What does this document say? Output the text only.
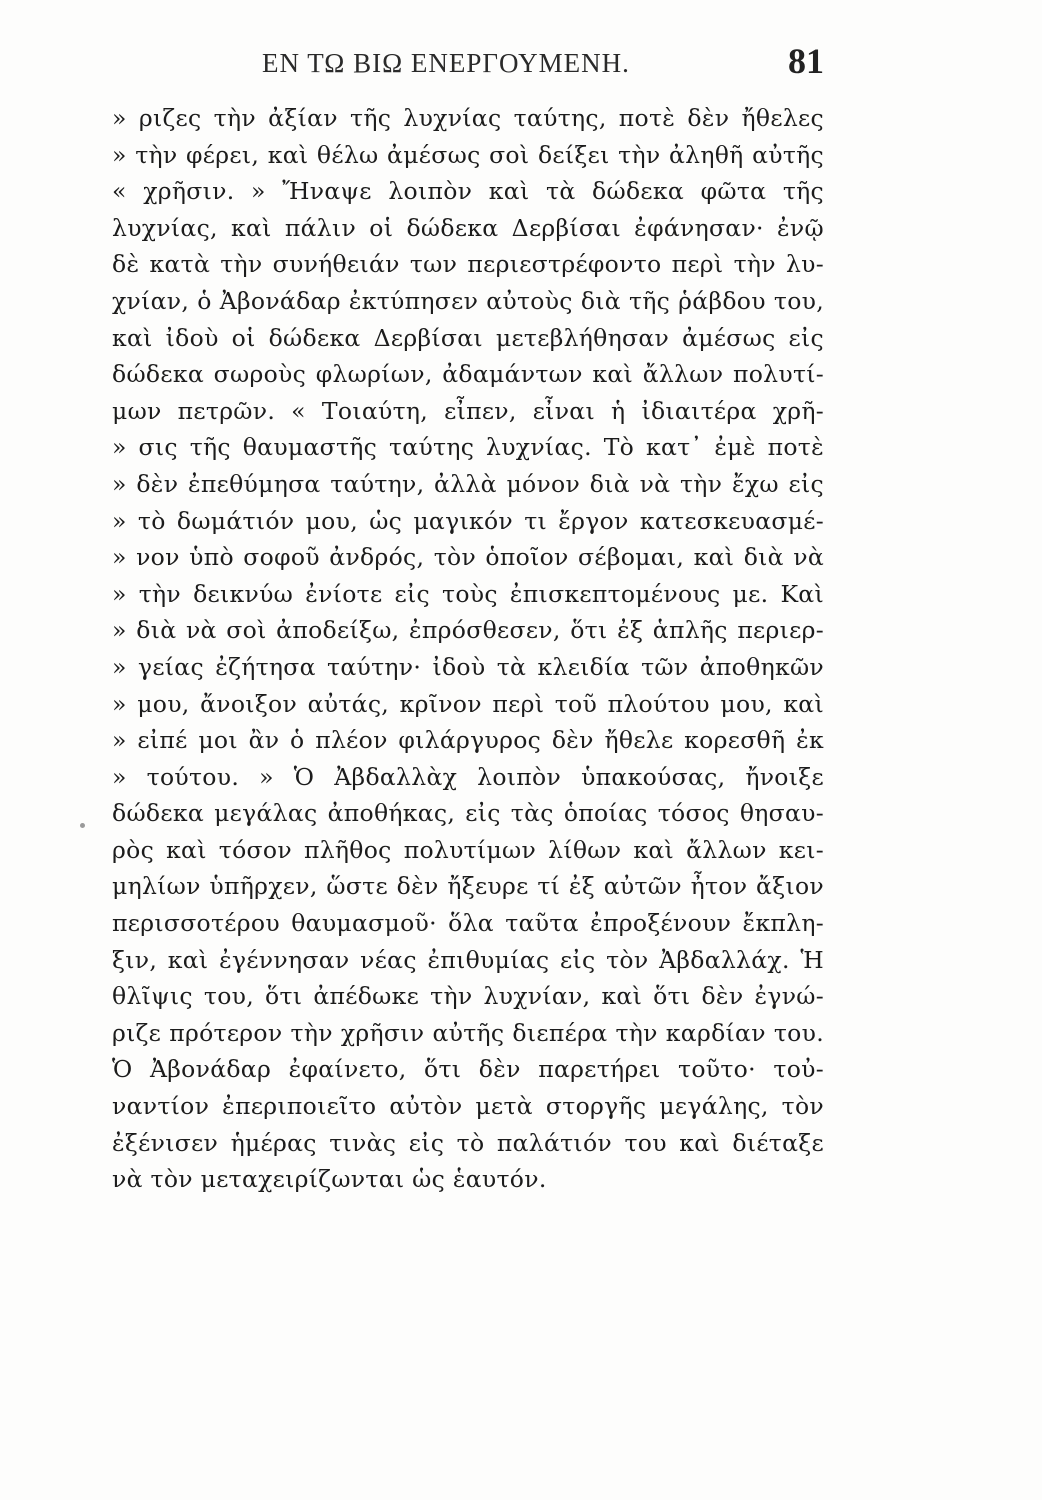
ΕΝ ΤΩ ΒΙΩ ΕΝΕΡΓΟΥΜΕΝΗ.	81
» ριζες τὴν ἀξίαν τῆς λυχνίας ταύτης, ποτὲ δὲν ἤθελες
» τὴν φέρει, καὶ θέλω ἀμέσως σοὶ δείξει τὴν ἀληθῆ αὐτῆς
« χρῆσιν. » Ἤναψε λοιπὸν καὶ τὰ δώδεκα φῶτα τῆς
λυχνίας, καὶ πάλιν οἱ δώδεκα Δερβίσαι ἐφάνησαν· ἐνῷ
δὲ κατὰ τὴν συνήθειάν των περιεστρέφοντο περὶ τὴν λυ-
χνίαν, ὁ Ἀβονάδαρ ἐκτύπησεν αὐτοὺς διὰ τῆς ῥάβδου του,
καὶ ἰδοὺ οἱ δώδεκα Δερβίσαι μετεβλήθησαν ἀμέσως εἰς
δώδεκα σωροὺς φλωρίων, ἀδαμάντων καὶ ἄλλων πολυτί-
μων πετρῶν. « Τοιαύτη, εἶπεν, εἶναι ἡ ἰδιαιτέρα χρῆ-
» σις τῆς θαυμαστῆς ταύτης λυχνίας. Τὸ κατ᾽ ἐμὲ ποτὲ
» δὲν ἐπεθύμησα ταύτην, ἀλλὰ μόνον διὰ νὰ τὴν ἔχω εἰς
» τὸ δωμάτιόν μου, ὡς μαγικόν τι ἔργον κατεσκευασμέ-
» νον ὑπὸ σοφοῦ ἀνδρός, τὸν ὁποῖον σέβομαι, καὶ διὰ νὰ
» τὴν δεικνύω ἐνίοτε εἰς τοὺς ἐπισκεπτομένους με. Καὶ
» διὰ νὰ σοὶ ἀποδείξω, ἐπρόσθεσεν, ὅτι ἐξ ἁπλῆς περιερ-
» γείας ἐζήτησα ταύτην· ἰδοὺ τὰ κλειδία τῶν ἀποθηκῶν
» μου, ἄνοιξον αὐτάς, κρῖνον περὶ τοῦ πλούτου μου, καὶ
» εἰπέ μοι ἂν ὁ πλέον φιλάργυρος δὲν ἤθελε κορεσθῆ ἐκ
» τούτου. » Ὁ Ἀβδαλλὰχ λοιπὸν ὑπακούσας, ἤνοιξε
δώδεκα μεγάλας ἀποθήκας, εἰς τὰς ὁποίας τόσος θησαυ-
ρὸς καὶ τόσον πλῆθος πολυτίμων λίθων καὶ ἄλλων κει-
μηλίων ὑπῆρχεν, ὥστε δὲν ἤξευρε τί ἐξ αὐτῶν ἦτον ἄξιον
περισσοτέρου θαυμασμοῦ· ὅλα ταῦτα ἐπροξένουν ἔκπλη-
ξιν, καὶ ἐγέννησαν νέας ἐπιθυμίας εἰς τὸν Ἀβδαλλάχ. Ἡ
θλῖψις του, ὅτι ἀπέδωκε τὴν λυχνίαν, καὶ ὅτι δὲν ἐγνώ-
ριζε πρότερον τὴν χρῆσιν αὐτῆς διεπέρα τὴν καρδίαν του.
Ὁ Ἀβονάδαρ ἐφαίνετο, ὅτι δὲν παρετήρει τοῦτο· τοὐ-
ναντίον ἐπεριποιεῖτο αὐτὸν μετὰ στοργῆς μεγάλης, τὸν
ἐξένισεν ἡμέρας τινὰς εἰς τὸ παλάτιόν του καὶ διέταξε
νὰ τὸν μεταχειρίζωνται ὡς ἑαυτόν.
